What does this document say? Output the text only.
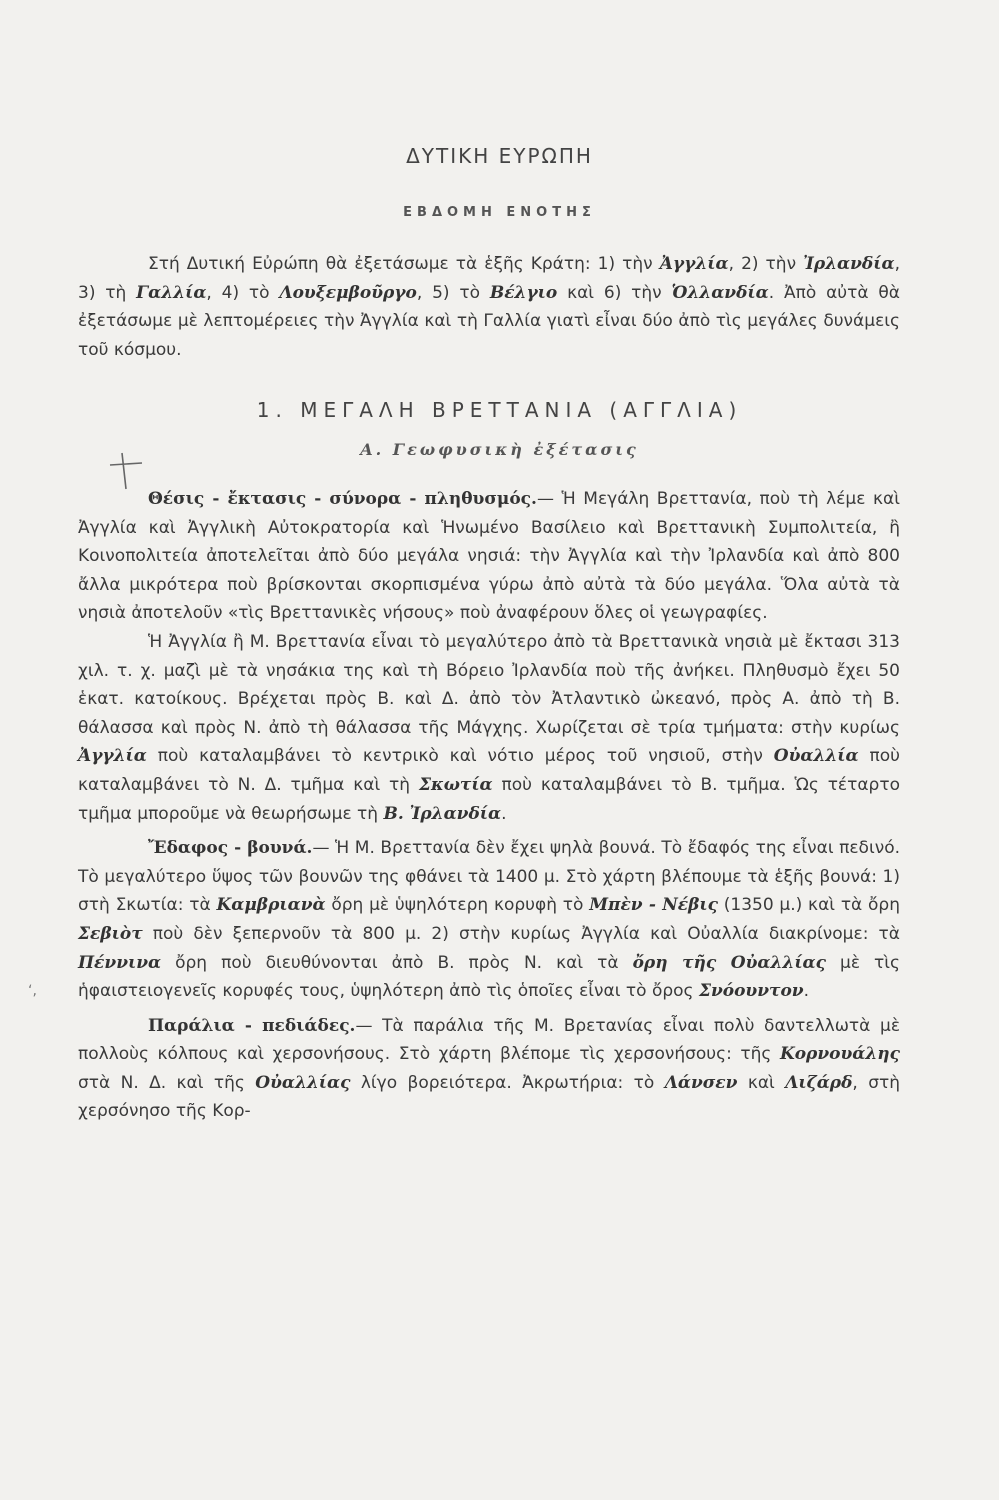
ΔΥΤΙΚΗ ΕΥΡΩΠΗ
ΕΒΔΟΜΗ ΕΝΟΤΗΣ

Στή Δυτική Εὐρώπη θὰ ἐξετάσωμε τὰ ἑξῆς Κράτη: 1) τὴν Ἀγγλία, 2) τὴν Ἰρλανδία, 3) τὴ Γαλλία, 4) τὸ Λουξεμβοῦργο, 5) τὸ Βέλγιο καὶ 6) τὴν Ὁλλανδία. Ἀπὸ αὐτὰ θὰ ἐξετάσωμε μὲ λεπτομέρειες τὴν Ἀγγλία καὶ τὴ Γαλλία γιατὶ εἶναι δύο ἀπὸ τὶς μεγάλες δυνάμεις τοῦ κόσμου.

1. ΜΕΓΑΛΗ ΒΡΕΤΤΑΝΙΑ (ΑΓΓΛΙΑ)
Α. Γεωφυσικὴ ἐξέτασις

Θέσις - ἔκτασις - σύνορα - πληθυσμός.— Ἡ Μεγάλη Βρεττανία, ποὺ τὴ λέμε καὶ Ἀγγλία καὶ Ἀγγλικὴ Αὐτοκρατορία καὶ Ἡνωμένο Βασίλειο καὶ Βρεττανικὴ Συμπολιτεία, ἢ Κοινοπολιτεία ἀποτελεῖται ἀπὸ δύο μεγάλα νησιά: τὴν Ἀγγλία καὶ τὴν Ἰρλανδία καὶ ἀπὸ 800 ἄλλα μικρότερα ποὺ βρίσκονται σκορπισμένα γύρω ἀπὸ αὐτὰ τὰ δύο μεγάλα. Ὅλα αὐτὰ τὰ νησιὰ ἀποτελοῦν «τὶς Βρεττανικὲς νήσους» ποὺ ἀναφέρουν ὅλες οἱ γεωγραφίες.

Ἡ Ἀγγλία ἢ Μ. Βρεττανία εἶναι τὸ μεγαλύτερο ἀπὸ τὰ Βρεττανικὰ νησιὰ μὲ ἔκτασι 313 χιλ. τ. χ. μαζὶ μὲ τὰ νησάκια της καὶ τὴ Βόρειο Ἰρλανδία ποὺ τῆς ἀνήκει. Πληθυσμὸ ἔχει 50 ἑκατ. κατοίκους. Βρέχεται πρὸς Β. καὶ Δ. ἀπὸ τὸν Ἀτλαντικὸ ὠκεανό, πρὸς Α. ἀπὸ τὴ Β. θάλασσα καὶ πρὸς Ν. ἀπὸ τὴ θάλασσα τῆς Μάγχης. Χωρίζεται σὲ τρία τμήματα: στὴν κυρίως Ἀγγλία ποὺ καταλαμβάνει τὸ κεντρικὸ καὶ νότιο μέρος τοῦ νησιοῦ, στὴν Οὐαλλία ποὺ καταλαμβάνει τὸ Ν. Δ. τμῆμα καὶ τὴ Σκωτία ποὺ καταλαμβάνει τὸ Β. τμῆμα. Ὡς τέταρτο τμῆμα μποροῦμε νὰ θεωρήσωμε τὴ Β. Ἰρλανδία.

Ἔδαφος - βουνά.— Ἡ Μ. Βρεττανία δὲν ἔχει ψηλὰ βουνά. Τὸ ἔδαφός της εἶναι πεδινό. Τὸ μεγαλύτερο ὕψος τῶν βουνῶν της φθάνει τὰ 1400 μ. Στὸ χάρτη βλέπουμε τὰ ἑξῆς βουνά: 1) στὴ Σκωτία: τὰ Καμβριανὰ ὄρη μὲ ὑψηλότερη κορυφὴ τὸ Μπὲν - Νέβις (1350 μ.) καὶ τὰ ὄρη Σεβιὸτ ποὺ δὲν ξεπερνοῦν τὰ 800 μ. 2) στὴν κυρίως Ἀγγλία καὶ Οὐαλλία διακρίνομε: τὰ Πέννινα ὄρη ποὺ διευθύνονται ἀπὸ Β. πρὸς Ν. καὶ τὰ ὄρη τῆς Οὐαλλίας μὲ τὶς ἡφαιστειογενεῖς κορυφές τους, ὑψηλότερη ἀπὸ τὶς ὁποῖες εἶναι τὸ ὄρος Σνόουντον.

Παράλια - πεδιάδες.— Τὰ παράλια τῆς Μ. Βρετανίας εἶναι πολὺ δαντελλωτὰ μὲ πολλοὺς κόλπους καὶ χερσονήσους. Στὸ χάρτη βλέπομε τὶς χερσονήσους: τῆς Κορνουάλης στὰ Ν. Δ. καὶ τῆς Οὐαλλίας λίγο βορειότερα. Ἀκρωτήρια: τὸ Λάνσεν καὶ Λιζάρδ, στὴ χερσόνησο τῆς Κορ-

‘,
